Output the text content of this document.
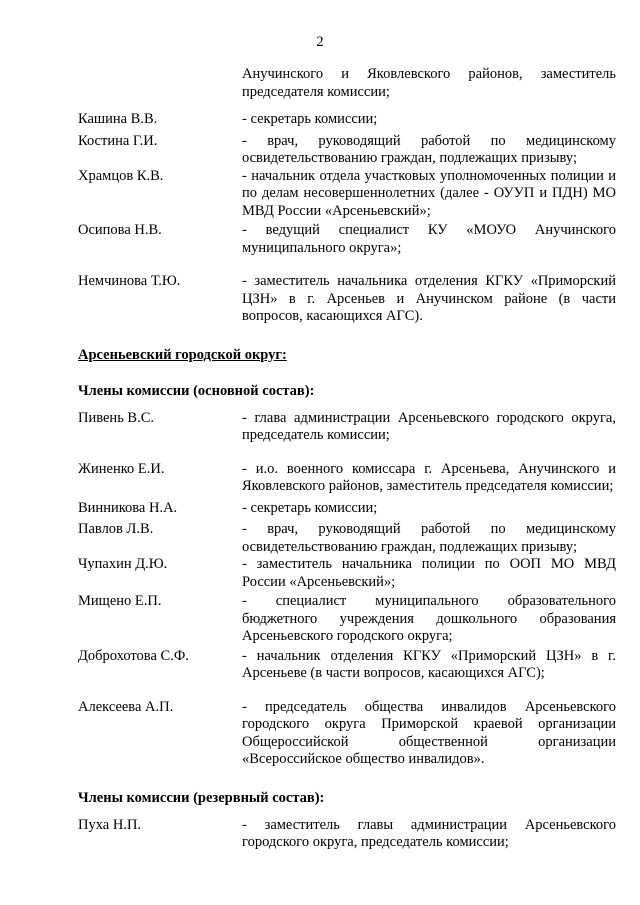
2
Анучинского и Яковлевского районов, заместитель председателя комиссии;
Кашина В.В.	- секретарь комиссии;
Костина Г.И.	- врач, руководящий работой по медицинскому освидетельствованию граждан, подлежащих призыву;
Храмцов К.В.	- начальник отдела участковых уполномоченных полиции и по делам несовершеннолетних (далее - ОУУП и ПДН) МО МВД России «Арсеньевский»;
Осипова Н.В.	- ведущий специалист КУ «МОУО Анучинского муниципального округа»;
Немчинова Т.Ю.	- заместитель начальника отделения КГКУ «Приморский ЦЗН» в г. Арсеньев и Анучинском районе (в части вопросов, касающихся АГС).
Арсеньевский городской округ:
Члены комиссии (основной состав):
Пивень В.С.	- глава администрации Арсеньевского городского округа, председатель комиссии;
Жиненко Е.И.	- и.о. военного комиссара г. Арсеньева, Анучинского и Яковлевского районов, заместитель председателя комиссии;
Винникова Н.А.	- секретарь комиссии;
Павлов Л.В.	- врач, руководящий работой по медицинскому освидетельствованию граждан, подлежащих призыву;
Чупахин Д.Ю.	- заместитель начальника полиции по ООП МО МВД России «Арсеньевский»;
Мищено Е.П.	- специалист муниципального образовательного бюджетного учреждения дошкольного образования Арсеньевского городского округа;
Доброхотова С.Ф.	- начальник отделения КГКУ «Приморский ЦЗН» в г. Арсеньеве (в части вопросов, касающихся АГС);
Алексеева А.П.	- председатель общества инвалидов Арсеньевского городского округа Приморской краевой организации Общероссийской общественной организации «Всероссийское общество инвалидов».
Члены комиссии (резервный состав):
Пуха Н.П.	- заместитель главы администрации Арсеньевского городского округа, председатель комиссии;
